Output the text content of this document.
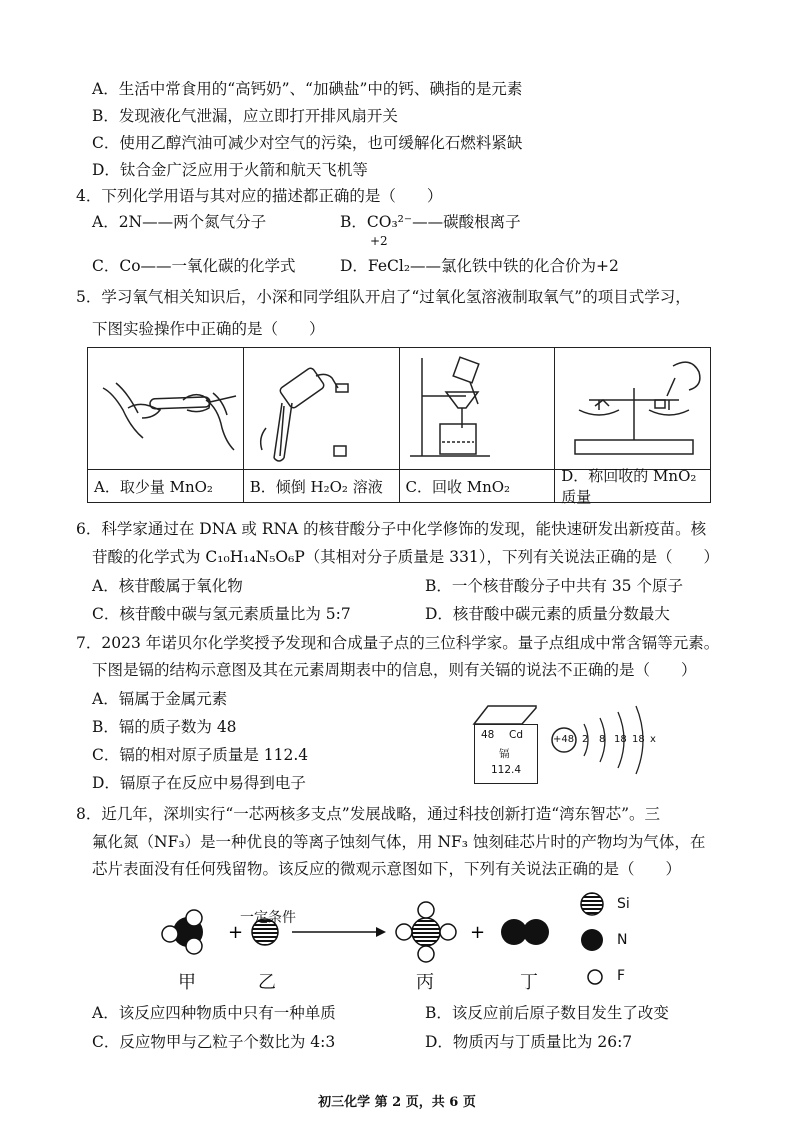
A．生活中常食用的“高钙奶”、“加碘盐”中的钙、碘指的是元素
B．发现液化气泄漏，应立即打开排风扇开关
C．使用乙醇汽油可减少对空气的污染，也可缓解化石燃料紧缺
D．钛合金广泛应用于火箭和航天飞机等
4．下列化学用语与其对应的描述都正确的是（　　）
A．2N——两个氮气分子	B．CO₃²⁻——碳酸根离子
+2
C．Co——一氧化碳的化学式	D．FeCl₂——氯化铁中铁的化合价为+2
5．学习氧气相关知识后，小深和同学组队开启了“过氧化氢溶液制取氧气”的项目式学习，
下图实验操作中正确的是（　　）
A．取少量 MnO₂	B．倾倒 H₂O₂ 溶液	C．回收 MnO₂
D．称回收的 MnO₂ 质量
6．科学家通过在 DNA 或 RNA 的核苷酸分子中化学修饰的发现，能快速研发出新疫苗。核
苷酸的化学式为 C₁₀H₁₄N₅O₆P（其相对分子质量是 331），下列有关说法正确的是（　　）
A．核苷酸属于氧化物	B．一个核苷酸分子中共有 35 个原子
C．核苷酸中碳与氢元素质量比为 5:7	D．核苷酸中碳元素的质量分数最大
7．2023 年诺贝尔化学奖授予发现和合成量子点的三位科学家。量子点组成中常含镉等元素。
下图是镉的结构示意图及其在元素周期表中的信息，则有关镉的说法不正确的是（　　）
A．镉属于金属元素
B．镉的质子数为 48
C．镉的相对原子质量是 112.4
D．镉原子在反应中易得到电子
48 Cd
镉
112.4
+48 2 8 18 18 x
8．近几年，深圳实行“一芯两核多支点”发展战略，通过科技创新打造“湾东智芯”。三
氟化氮（NF₃）是一种优良的等离子蚀刻气体，用 NF₃ 蚀刻硅芯片时的产物均为气体，在
芯片表面没有任何残留物。该反应的微观示意图如下，下列有关说法正确的是（　　）
+	+
一定条件
Si
N
F
甲	乙	丙	丁
A．该反应四种物质中只有一种单质	B．该反应前后原子数目发生了改变
C．反应物甲与乙粒子个数比为 4:3	D．物质丙与丁质量比为 26:7
初三化学 第 2 页，共 6 页
